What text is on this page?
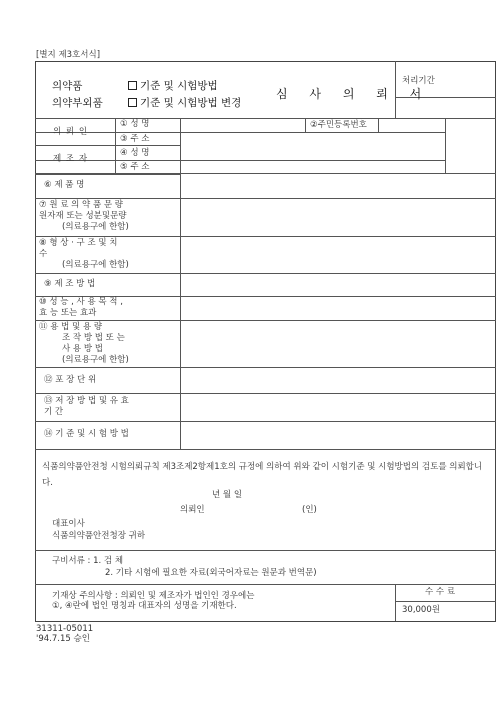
[별지 제3호서식]
의약품
의약부외품
기준 및 시험방법
기준 및 시험방법 변경
심 사 의 뢰 서
처리기간
의 뢰 인
① 성 명
③ 주 소
②주민등록번호
제 조 자
④ 성 명
⑤ 주 소
⑥ 제 품 명
⑦ 원 료 의 약 품 문 량
원자재 또는 성분및문량
(의료용구에 한함)
⑧ 형 상 · 구 조 및 치
수
(의료용구에 한함)
⑨ 제 조 방 법
⑩ 성 능 , 사 용 목 적 ,
효 능 또는 효과
⑪ 용 법 및 용 량
조 작 방 법 또 는
사 용 방 법
(의료용구에 한함)
⑫ 포 장 단 위
⑬ 저 장 방 법 및 유 효
기 간
⑭ 기 준 및 시 험 방 법
식품의약품안전청 시험의뢰규칙 제3조제2항제1호의 규정에 의하여 위와 같이 시험기준 및 시험방법의 검토를 의뢰합니다.
년 월 일
의뢰인	(인)
대표이사
식품의약품안전청장 귀하
구비서류 : 1. 검 체
2. 기타 시험에 필요한 자료(외국어자료는 원문과 번역문)
기재상 주의사항 : 의뢰인 및 제조자가 법인인 경우에는
①, ④란에 법인 명칭과 대표자의 성명을 기재한다.
수 수 료
30,000원
31311-05011
'94.7.15 승인
